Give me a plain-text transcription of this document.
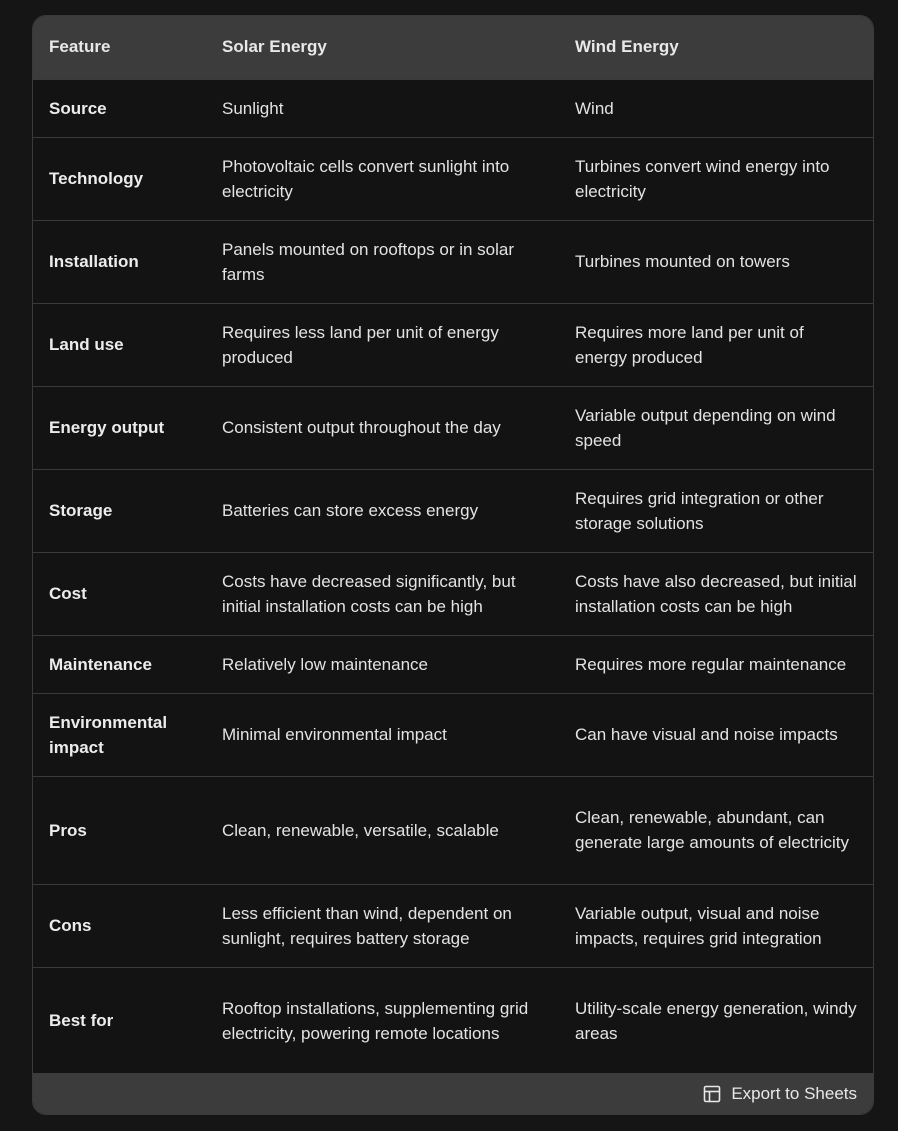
Feature	Solar Energy	Wind Energy
Source	Sunlight	Wind
Technology	Photovoltaic cells convert sunlight into electricity	Turbines convert wind energy into electricity
Installation	Panels mounted on rooftops or in solar farms	Turbines mounted on towers
Land use	Requires less land per unit of energy produced	Requires more land per unit of energy produced
Energy output	Consistent output throughout the day	Variable output depending on wind speed
Storage	Batteries can store excess energy	Requires grid integration or other storage solutions
Cost	Costs have decreased significantly, but initial installation costs can be high	Costs have also decreased, but initial installation costs can be high
Maintenance	Relatively low maintenance	Requires more regular maintenance
Environmental impact	Minimal environmental impact	Can have visual and noise impacts
Pros	Clean, renewable, versatile, scalable	Clean, renewable, abundant, can generate large amounts of electricity
Cons	Less efficient than wind, dependent on sunlight, requires battery storage	Variable output, visual and noise impacts, requires grid integration
Best for	Rooftop installations, supplementing grid electricity, powering remote locations	Utility-scale energy generation, windy areas
Export to Sheets
